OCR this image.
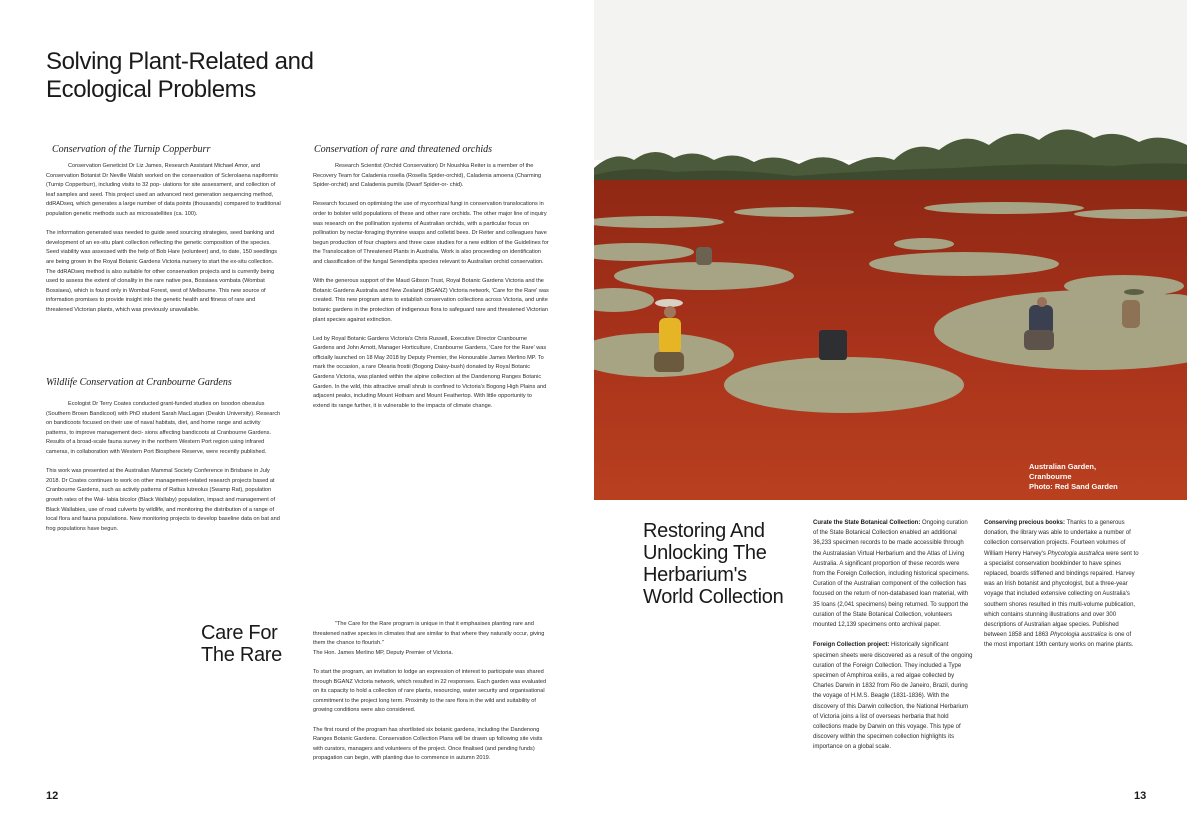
Solving Plant-Related and
Ecological Problems
Conservation of the Turnip Copperburr

Conservation Geneticist Dr Liz James, Research Assistant Michael Amor, and Conservation Botanist Dr Neville Walsh worked on the conservation of Sclerolaena napiformis (Turnip Copperburr), including visits to 32 pop- ulations for site assessment, and collection of leaf samples and seed. This project used an advanced next generation sequencing method, ddRADseq, which generates a large number of data points (thousands) compared to traditional population genetic methods such as microsatellites (ca. 100).

The information generated was needed to guide seed sourcing strategies, seed banking and development of an ex-situ plant collection reflecting the genetic composition of the species. Seed viability was assessed with the help of Bob Hare (volunteer) and, to date, 150 seedlings are being grown in the Royal Botanic Gardens Victoria nursery to start the ex-situ collection. The ddRADseq method is also suitable for other conservation projects and is currently being used to assess the extent of clonality in the rare native pea, Bossiaea vombata (Wombat Bossiaea), which is found only in Wombat Forest, west of Melbourne. This new source of information promises to provide insight into the genetic health and fitness of rare and threatened Victorian plants, which was previously unavailable.

Wildlife Conservation at Cranbourne Gardens

Ecologist Dr Terry Coates conducted grant-funded studies on Isoodon obesulus (Southern Brown Bandicoot) with PhD student Sarah MacLagan (Deakin University). Research on bandicoots focused on their use of naval habitats, diet, and home range and activity patterns, to improve management deci- sions affecting bandicoots at Cranbourne Gardens. Results of a broad-scale fauna survey in the northern Western Port region using infrared cameras, in collaboration with Western Port Biosphere Reserve, were recently published.

This work was presented at the Australian Mammal Society Conference in Brisbane in July 2018. Dr Coates continues to work on other management-related research projects based at Cranbourne Gardens, such as activity patterns of Rattus lutreolus (Swamp Rat), population growth rates of the Wal- labia bicolor (Black Wallaby) population, impact and management of Black Wallabies, use of road culverts by wildlife, and monitoring the distribution of a range of local flora and fauna populations. New monitoring projects to develop baseline data on bat and frog populations have begun.

Conservation of rare and threatened orchids

Research Scientist (Orchid Conservation) Dr Noushka Reiter is a member of the Recovery Team for Caladenia rosella (Rosella Spider-orchid), Caladenia amoena (Charming Spider-orchid) and Caladenia pumila (Dwarf Spider-or- chid).

Research focused on optimising the use of mycorrhizal fungi in conservation translocations in order to bolster wild populations of these and other rare orchids. The other major line of inquiry was research on the pollination systems of Australian orchids, with a particular focus on pollination by nectar-foraging thynnine wasps and colletid bees. Dr Reiter and colleagues have begun production of four chapters and three case studies for a new edition of the Guidelines for the Translocation of Threatened Plants in Australia. Work is also proceeding on identification and classification of the fungal Serendipita species relevant to Australian orchid conservation.

With the generous support of the Maud Gibson Trust, Royal Botanic Gardens Victoria and the Botanic Gardens Australia and New Zealand (BGANZ) Victoria network, 'Care for the Rare' was created. This new program aims to establish conservation collections across Victoria, and unite botanic gardens in the protection of indigenous flora to safeguard rare and threatened Victorian plant species against extinction.

Led by Royal Botanic Gardens Victoria's Chris Russell, Executive Director Cranbourne Gardens and John Arnott, Manager Horticulture, Cranbourne Gardens, 'Care for the Rare' was officially launched on 18 May 2018 by Deputy Premier, the Honourable James Merlino MP. To mark the occasion, a rare Olearia frostii (Bogong Daisy-bush) donated by Royal Botanic Gardens Victoria, was planted within the alpine collection at the Dandenong Ranges Botanic Garden. In the wild, this attractive small shrub is confined to Victoria's Bogong High Plains and adjacent peaks, including Mount Hotham and Mount Feathertop. With little opportunity to extend its range further, it is vulnerable to the impacts of climate change.

Care For
The Rare

"The Care for the Rare program is unique in that it emphasises planting rare and threatened native species in climates that are similar to that where they naturally occur, giving them the chance to flourish."

The Hon. James Merlino MP, Deputy Premier of Victoria.

To start the program, an invitation to lodge an expression of interest to participate was shared through BGANZ Victoria network, which resulted in 22 responses. Each garden was evaluated on its capacity to hold a collection of rare plants, resourcing, water security and organisational commitment to the project long term. Proximity to the rare flora in the wild and suitability of growing conditions were also considered.

The first round of the program has shortlisted six botanic gardens, including the Dandenong Ranges Botanic Gardens. Conservation Collection Plans will be drawn up following site visits with curators, managers and volunteers of the project. Once finalised (and pending funds) propagation can begin, with planting due to commence in autumn 2019.

12
Australian Garden,
Cranbourne
Photo: Red Sand Garden
Restoring And
Unlocking The
Herbarium's
World Collection

Curate the State Botanical Collection: Ongoing curation of the State Botanical Collection enabled an additional 36,233 specimen records to be made accessible through the Australasian Virtual Herbarium and the Atlas of Living Australia. A significant proportion of these records were from the Foreign Collection, including historical specimens. Curation of the Australian component of the collection has focused on the return of non-databased loan material, with 35 loans (2,041 specimens) being returned. To support the curation of the State Botanical Collection, volunteers mounted 12,139 specimens onto archival paper.

Foreign Collection project: Historically significant specimen sheets were discovered as a result of the ongoing curation of the Foreign Collection. They included a Type specimen of Amphiroa exilis, a red algae collected by Charles Darwin in 1832 from Rio de Janeiro, Brazil, during the voyage of H.M.S. Beagle (1831-1836). With the discovery of this Darwin collection, the National Herbarium of Victoria joins a list of overseas herbaria that hold collections made by Darwin on this voyage. This type of discovery within the specimen collection highlights its importance on a global scale.

Conserving precious books: Thanks to a generous donation, the library was able to undertake a number of collection conservation projects. Fourteen volumes of William Henry Harvey's Phycologia australica were sent to a specialist conservation bookbinder to have spines replaced, boards stiffened and bindings repaired. Harvey was an Irish botanist and phycologist, but a three-year voyage that included extensive collecting on Australia's southern shores resulted in this multi-volume publication, which contains stunning illustrations and over 300 descriptions of Australian algae species. Published between 1858 and 1863 Phycologia australica is one of the most important 19th century works on marine plants.

13
